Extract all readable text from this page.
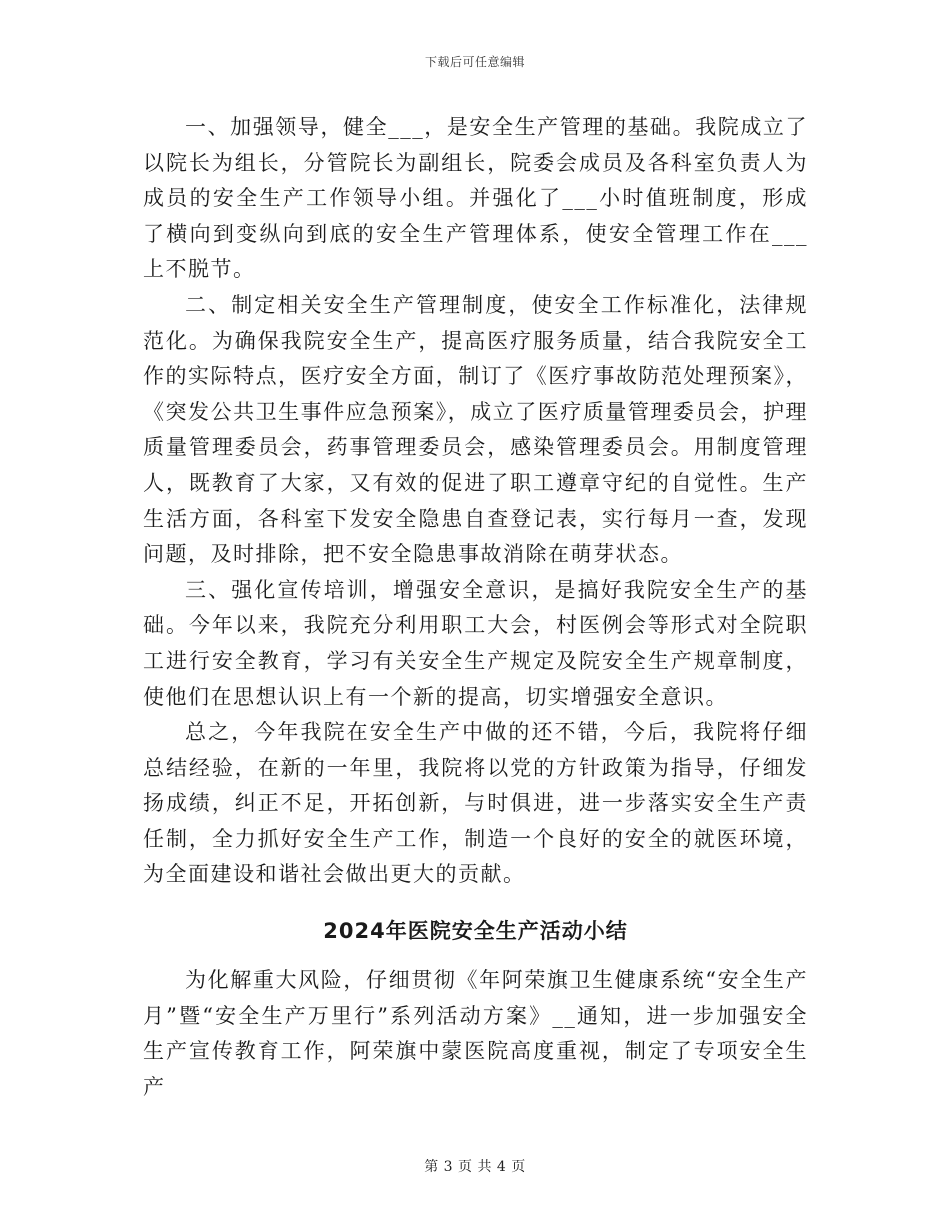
下载后可任意编辑

一、加强领导，健全___，是安全生产管理的基础。我院成立了以院长为组长，分管院长为副组长，院委会成员及各科室负责人为成员的安全生产工作领导小组。并强化了___小时值班制度，形成了横向到变纵向到底的安全生产管理体系，使安全管理工作在___上不脱节。

二、制定相关安全生产管理制度，使安全工作标准化，法律规范化。为确保我院安全生产，提高医疗服务质量，结合我院安全工作的实际特点，医疗安全方面，制订了《医疗事故防范处理预案》，《突发公共卫生事件应急预案》，成立了医疗质量管理委员会，护理质量管理委员会，药事管理委员会，感染管理委员会。用制度管理人，既教育了大家，又有效的促进了职工遵章守纪的自觉性。生产生活方面，各科室下发安全隐患自查登记表，实行每月一查，发现问题，及时排除，把不安全隐患事故消除在萌芽状态。

三、强化宣传培训，增强安全意识，是搞好我院安全生产的基础。今年以来，我院充分利用职工大会，村医例会等形式对全院职工进行安全教育，学习有关安全生产规定及院安全生产规章制度，使他们在思想认识上有一个新的提高，切实增强安全意识。

总之，今年我院在安全生产中做的还不错，今后，我院将仔细总结经验，在新的一年里，我院将以党的方针政策为指导，仔细发扬成绩，纠正不足，开拓创新，与时俱进，进一步落实安全生产责任制，全力抓好安全生产工作，制造一个良好的安全的就医环境，为全面建设和谐社会做出更大的贡献。

2024年医院安全生产活动小结

为化解重大风险，仔细贯彻《年阿荣旗卫生健康系统“安全生产月”暨“安全生产万里行”系列活动方案》__通知，进一步加强安全生产宣传教育工作，阿荣旗中蒙医院高度重视，制定了专项安全生产

第 3 页 共 4 页
